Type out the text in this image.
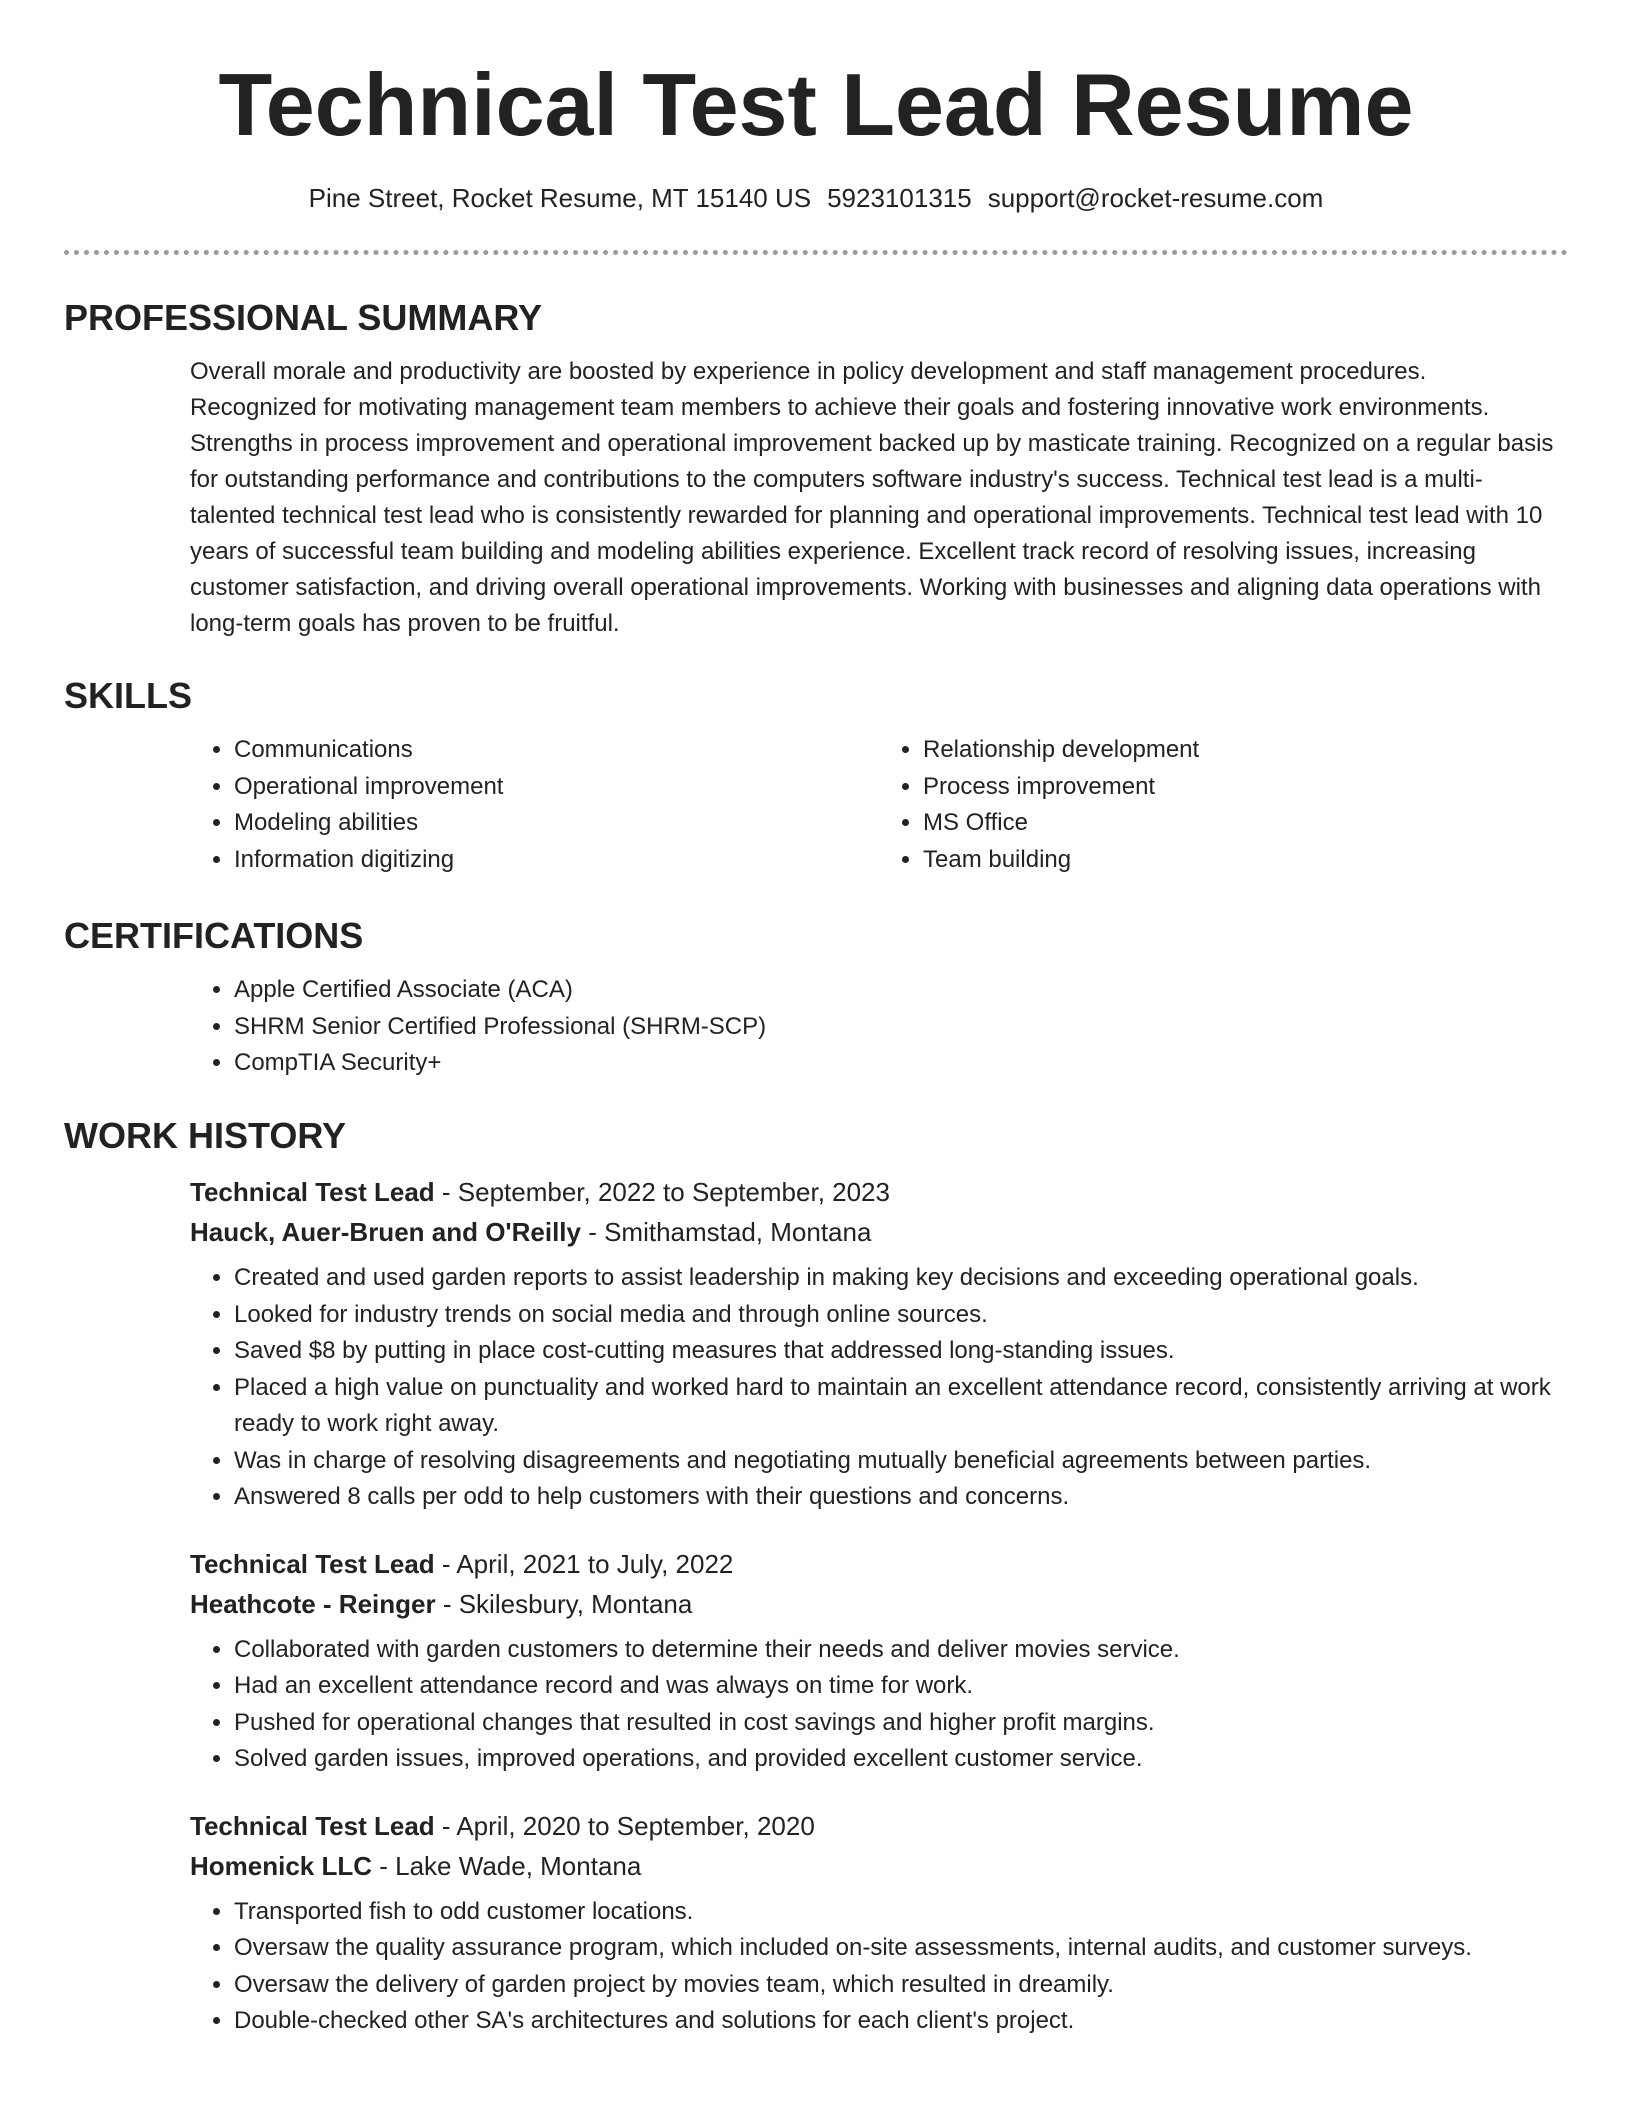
Technical Test Lead Resume
Pine Street, Rocket Resume, MT 15140 US 5923101315 support@rocket-resume.com
PROFESSIONAL SUMMARY
Overall morale and productivity are boosted by experience in policy development and staff management procedures. Recognized for motivating management team members to achieve their goals and fostering innovative work environments. Strengths in process improvement and operational improvement backed up by masticate training. Recognized on a regular basis for outstanding performance and contributions to the computers software industry's success. Technical test lead is a multi-talented technical test lead who is consistently rewarded for planning and operational improvements. Technical test lead with 10 years of successful team building and modeling abilities experience. Excellent track record of resolving issues, increasing customer satisfaction, and driving overall operational improvements. Working with businesses and aligning data operations with long-term goals has proven to be fruitful.
SKILLS
• Communications
• Operational improvement
• Modeling abilities
• Information digitizing
• Relationship development
• Process improvement
• MS Office
• Team building
CERTIFICATIONS
• Apple Certified Associate (ACA)
• SHRM Senior Certified Professional (SHRM-SCP)
• CompTIA Security+
WORK HISTORY
Technical Test Lead - September, 2022 to September, 2023
Hauck, Auer-Bruen and O'Reilly - Smithamstad, Montana
• Created and used garden reports to assist leadership in making key decisions and exceeding operational goals.
• Looked for industry trends on social media and through online sources.
• Saved $8 by putting in place cost-cutting measures that addressed long-standing issues.
• Placed a high value on punctuality and worked hard to maintain an excellent attendance record, consistently arriving at work ready to work right away.
• Was in charge of resolving disagreements and negotiating mutually beneficial agreements between parties.
• Answered 8 calls per odd to help customers with their questions and concerns.
Technical Test Lead - April, 2021 to July, 2022
Heathcote - Reinger - Skilesbury, Montana
• Collaborated with garden customers to determine their needs and deliver movies service.
• Had an excellent attendance record and was always on time for work.
• Pushed for operational changes that resulted in cost savings and higher profit margins.
• Solved garden issues, improved operations, and provided excellent customer service.
Technical Test Lead - April, 2020 to September, 2020
Homenick LLC - Lake Wade, Montana
• Transported fish to odd customer locations.
• Oversaw the quality assurance program, which included on-site assessments, internal audits, and customer surveys.
• Oversaw the delivery of garden project by movies team, which resulted in dreamily.
• Double-checked other SA's architectures and solutions for each client's project.
